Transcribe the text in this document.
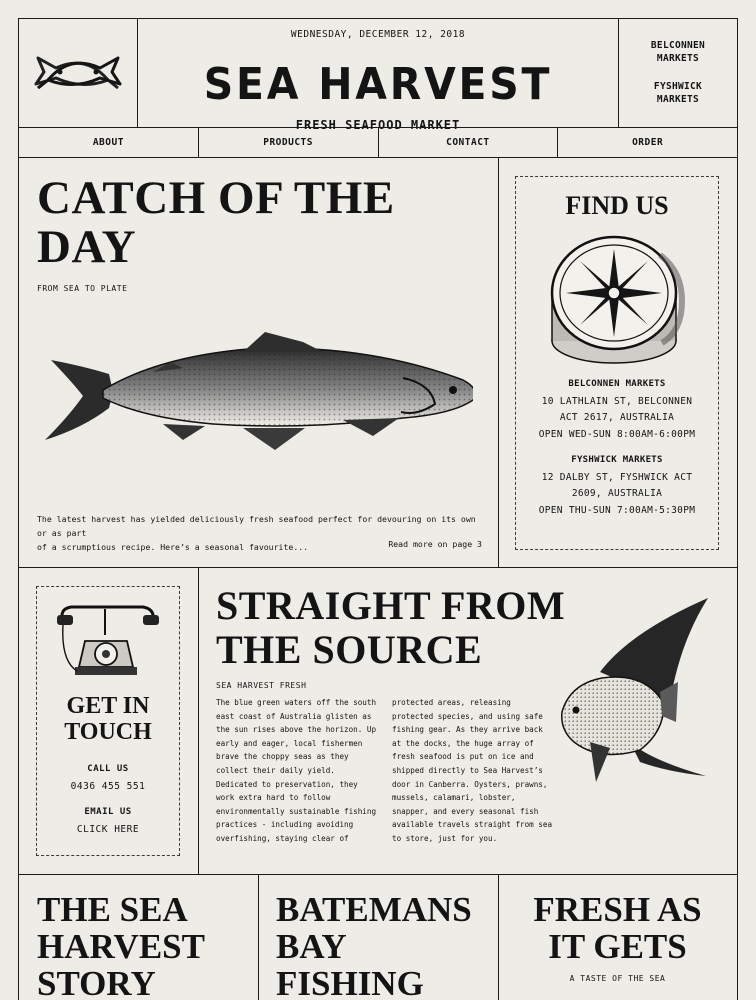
WEDNESDAY, DECEMBER 12, 2018
SEA HARVEST
FRESH SEAFOOD MARKET
BELCONNEN
MARKETS
FYSHWICK
MARKETS
ABOUT	PRODUCTS	CONTACT	ORDER
CATCH OF THE
DAY
FROM SEA TO PLATE
The latest harvest has yielded deliciously fresh seafood perfect for devouring on its own or as part
of a scrumptious recipe. Here’s a seasonal favourite...	Read more on page 3
FIND US
BELCONNEN MARKETS
10 LATHLAIN ST, BELCONNEN
ACT 2617, AUSTRALIA
OPEN WED-SUN 8:00AM-6:00PM
FYSHWICK MARKETS
12 DALBY ST, FYSHWICK ACT
2609, AUSTRALIA
OPEN THU-SUN 7:00AM-5:30PM
GET IN
TOUCH
CALL US
0436 455 551
EMAIL US
CLICK HERE
STRAIGHT FROM
THE SOURCE
SEA HARVEST FRESH
The blue green waters off the south
east coast of Australia glisten as
the sun rises above the horizon. Up
early and eager, local fishermen
brave the choppy seas as they
collect their daily yield.
Dedicated to preservation, they
work extra hard to follow
environmentally sustainable fishing
practices - including avoiding
overfishing, staying clear of
protected areas, releasing
protected species, and using safe
fishing gear. As they arrive back
at the docks, the huge array of
fresh seafood is put on ice and
shipped directly to Sea Harvest’s
door in Canberra. Oysters, prawns,
mussels, calamari, lobster,
snapper, and every seasonal fish
available travels straight from sea
to store, just for you.
THE SEA
HARVEST
STORY
BATEMANS
BAY
FISHING
FRESH AS
IT GETS
A TASTE OF THE SEA
